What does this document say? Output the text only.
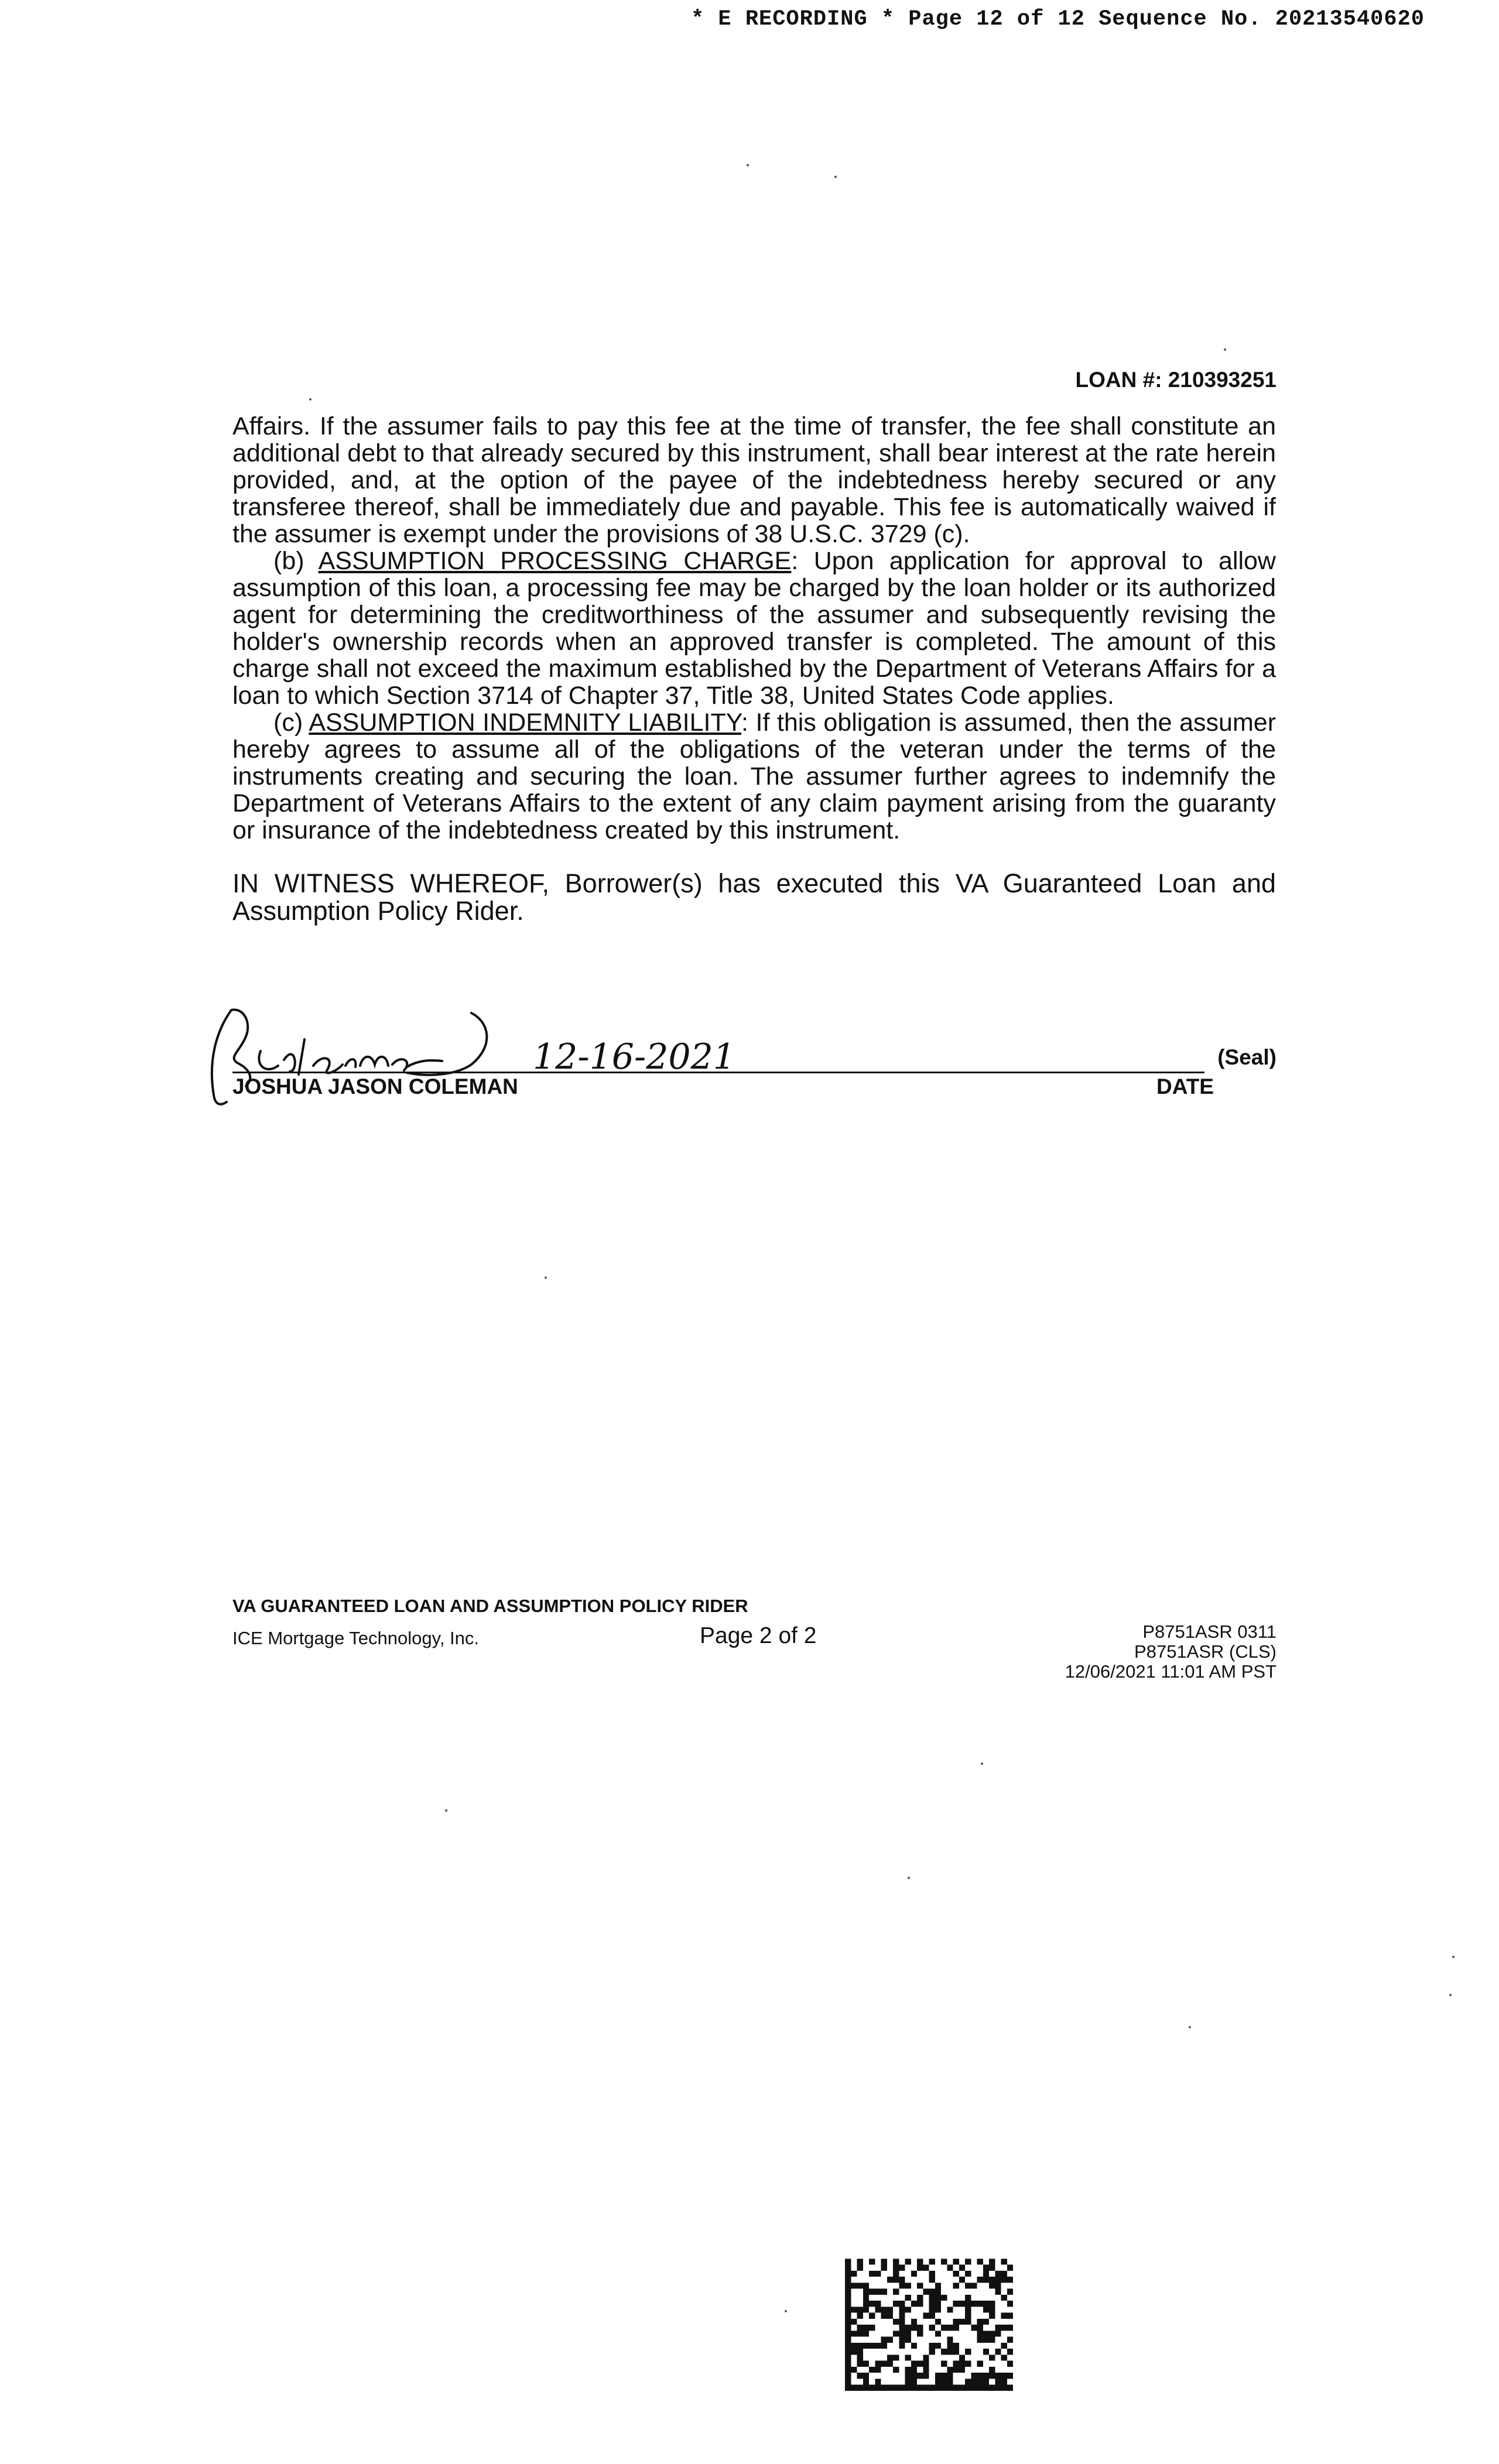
* E RECORDING * Page 12 of 12 Sequence No. 20213540620
LOAN #: 210393251

Affairs. If the assumer fails to pay this fee at the time of transfer, the fee shall constitute an additional debt to that already secured by this instrument, shall bear interest at the rate herein provided, and, at the option of the payee of the indebtedness hereby secured or any transferee thereof, shall be immediately due and payable. This fee is automatically waived if the assumer is exempt under the provisions of 38 U.S.C. 3729 (c).

(b) ASSUMPTION PROCESSING CHARGE: Upon application for approval to allow assumption of this loan, a processing fee may be charged by the loan holder or its authorized agent for determining the creditworthiness of the assumer and subsequently revising the holder's ownership records when an approved transfer is completed. The amount of this charge shall not exceed the maximum established by the Department of Veterans Affairs for a loan to which Section 3714 of Chapter 37, Title 38, United States Code applies.

(c) ASSUMPTION INDEMNITY LIABILITY: If this obligation is assumed, then the assumer hereby agrees to assume all of the obligations of the veteran under the terms of the instruments creating and securing the loan. The assumer further agrees to indemnify the Department of Veterans Affairs to the extent of any claim payment arising from the guaranty or insurance of the indebtedness created by this instrument.

IN WITNESS WHEREOF, Borrower(s) has executed this VA Guaranteed Loan and Assumption Policy Rider.
12-16-2021	(Seal)
JOSHUA JASON COLEMAN	DATE
VA GUARANTEED LOAN AND ASSUMPTION POLICY RIDER
ICE Mortgage Technology, Inc.	Page 2 of 2	P8751ASR 0311
P8751ASR (CLS)
12/06/2021 11:01 AM PST
